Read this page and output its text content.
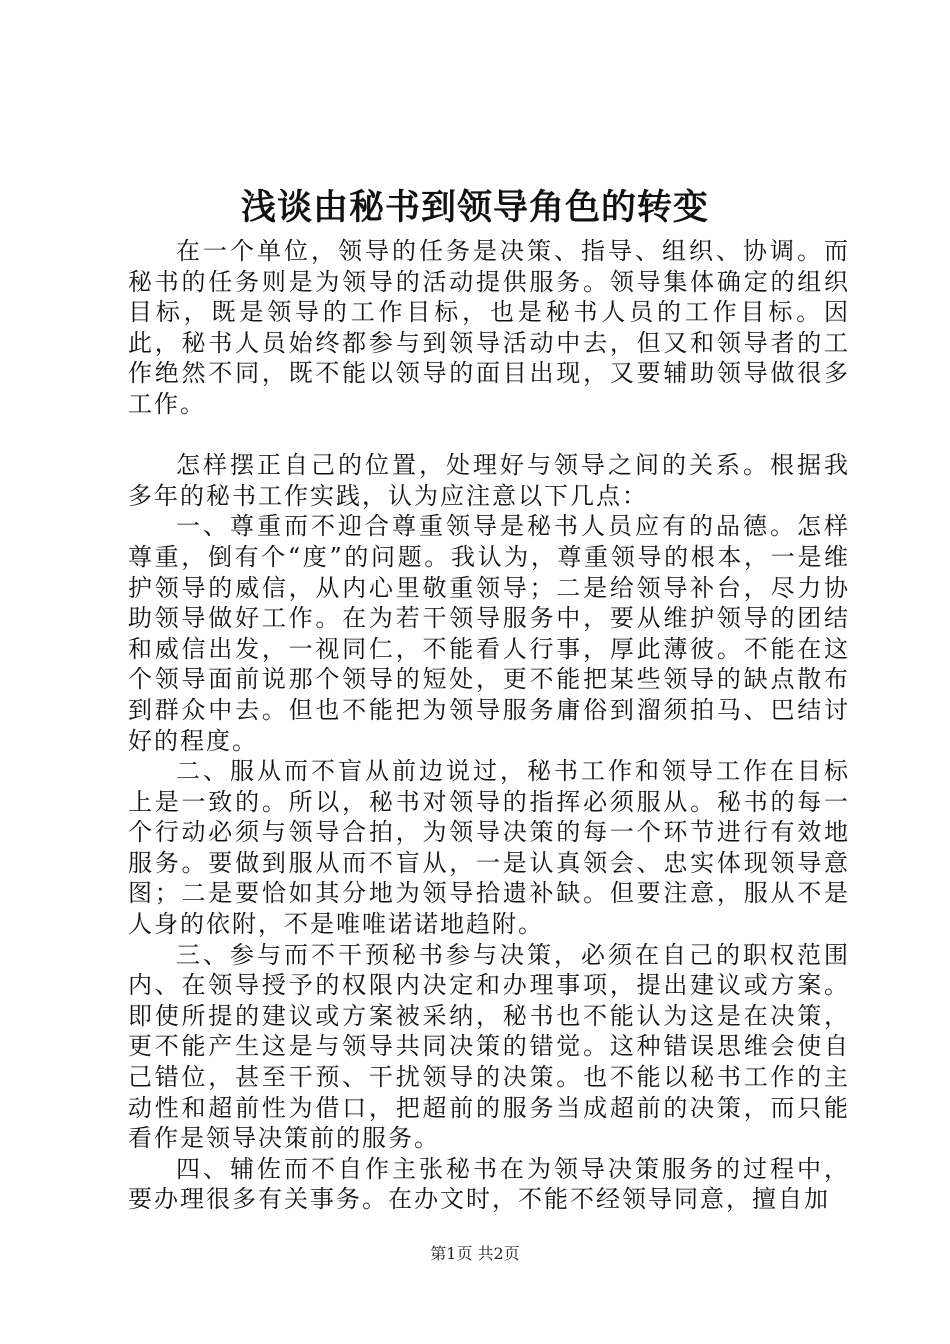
浅谈由秘书到领导角色的转变

在一个单位，领导的任务是决策、指导、组织、协调。而秘书的任务则是为领导的活动提供服务。领导集体确定的组织目标，既是领导的工作目标，也是秘书人员的工作目标。因此，秘书人员始终都参与到领导活动中去，但又和领导者的工作绝然不同，既不能以领导的面目出现，又要辅助领导做很多工作。

怎样摆正自己的位置，处理好与领导之间的关系。根据我多年的秘书工作实践，认为应注意以下几点：

一、尊重而不迎合尊重领导是秘书人员应有的品德。怎样尊重，倒有个“度”的问题。我认为，尊重领导的根本，一是维护领导的威信，从内心里敬重领导；二是给领导补台，尽力协助领导做好工作。在为若干领导服务中，要从维护领导的团结和威信出发，一视同仁，不能看人行事，厚此薄彼。不能在这个领导面前说那个领导的短处，更不能把某些领导的缺点散布到群众中去。但也不能把为领导服务庸俗到溜须拍马、巴结讨好的程度。

二、服从而不盲从前边说过，秘书工作和领导工作在目标上是一致的。所以，秘书对领导的指挥必须服从。秘书的每一个行动必须与领导合拍，为领导决策的每一个环节进行有效地服务。要做到服从而不盲从，一是认真领会、忠实体现领导意图；二是要恰如其分地为领导拾遗补缺。但要注意，服从不是人身的依附，不是唯唯诺诺地趋附。

三、参与而不干预秘书参与决策，必须在自己的职权范围内、在领导授予的权限内决定和办理事项，提出建议或方案。即使所提的建议或方案被采纳，秘书也不能认为这是在决策，更不能产生这是与领导共同决策的错觉。这种错误思维会使自己错位，甚至干预、干扰领导的决策。也不能以秘书工作的主动性和超前性为借口，把超前的服务当成超前的决策，而只能看作是领导决策前的服务。

四、辅佐而不自作主张秘书在为领导决策服务的过程中，要办理很多有关事务。在办文时，不能不经领导同意，擅自加

第1页 共2页
